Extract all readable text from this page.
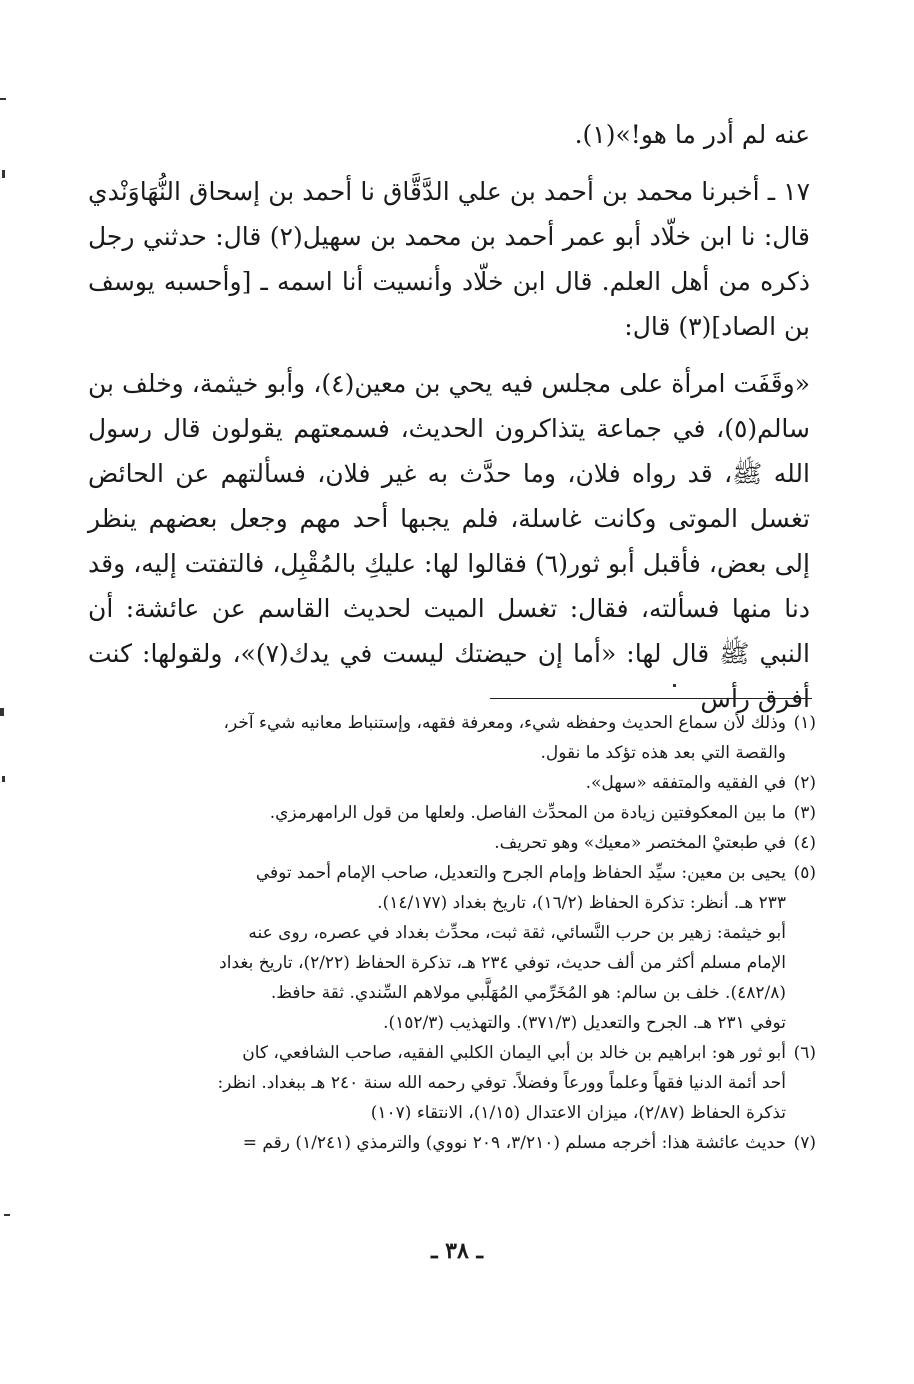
عنه لم أدر ما هو!»(١).

١٧ ـ أخبرنا محمد بن أحمد بن علي الدَّقَّاق نا أحمد بن إسحاق النُّهَاوَنْدي قال: نا ابن خلّاد أبو عمر أحمد بن محمد بن سهيل(٢) قال: حدثني رجل ذكره من أهل العلم. قال ابن خلّاد وأنسيت أنا اسمه ـ [وأحسبه يوسف بن الصاد](٣) قال:

«وقَفَت امرأة على مجلس فيه يحي بن معين(٤)، وأبو خيثمة، وخلف بن سالم(٥)، في جماعة يتذاكرون الحديث، فسمعتهم يقولون قال رسول الله ﷺ، قد رواه فلان، وما حدَّث به غير فلان، فسألتهم عن الحائض تغسل الموتى وكانت غاسلة، فلم يجبها أحد مهم وجعل بعضهم ينظر إلى بعض، فأقبل أبو ثور(٦) فقالوا لها: عليكِ بالمُقْبِل، فالتفتت إليه، وقد دنا منها فسألته، فقال: تغسل الميت لحديث القاسم عن عائشة: أن النبي ﷺ قال لها: «أما إن حيضتك ليست في يدك(٧)»، ولقولها: كنت أفرق رأس

(١)
وذلك لأن سماع الحديث وحفظه شيء، ومعرفة فقهه، وإستنباط معانيه شيء آخر،
والقصة التي بعد هذه تؤكد ما نقول.
(٢)
في الفقيه والمتفقه «سهل».
(٣)
ما بين المعكوفتين زيادة من المحدِّث الفاصل. ولعلها من قول الرامهرمزي.
(٤)
في طبعتيْ المختصر «معيك» وهو تحريف.
(٥)
يحيى بن معين: سيِّد الحفاظ وإمام الجرح والتعديل، صاحب الإمام أحمد توفي
٢٣٣ هـ. أنظر: تذكرة الحفاظ (١٦/٢)، تاريخ بغداد (١٤/١٧٧).
أبو خيثمة: زهير بن حرب النَّسائي، ثقة ثبت، محدِّث بغداد في عصره، روى عنه
الإمام مسلم أكثر من ألف حديث، توفي ٢٣٤ هـ، تذكرة الحفاظ (٢/٢٢)، تاريخ بغداد
(٤٨٢/٨). خلف بن سالم: هو المُخَرِّمي المُهَلَّبي مولاهم السِّندي. ثقة حافظ.
توفي ٢٣١ هـ. الجرح والتعديل (٣٧١/٣). والتهذيب (١٥٢/٣).
(٦)
أبو ثور هو: ابراهيم بن خالد بن أبي اليمان الكلبي الفقيه، صاحب الشافعي، كان
أحد أئمة الدنيا فقهاً وعلماً وورعاً وفضلاً. توفي رحمه الله سنة ٢٤٠ هـ ببغداد. انظر:
تذكرة الحفاظ (٢/٨٧)، ميزان الاعتدال (١/١٥)، الانتقاء (١٠٧)
(٧)
حديث عائشة هذا: أخرجه مسلم (٣/٢١٠، ٢٠٩ نووي) والترمذي (١/٢٤١) رقم =
ـ ٣٨ ـ
